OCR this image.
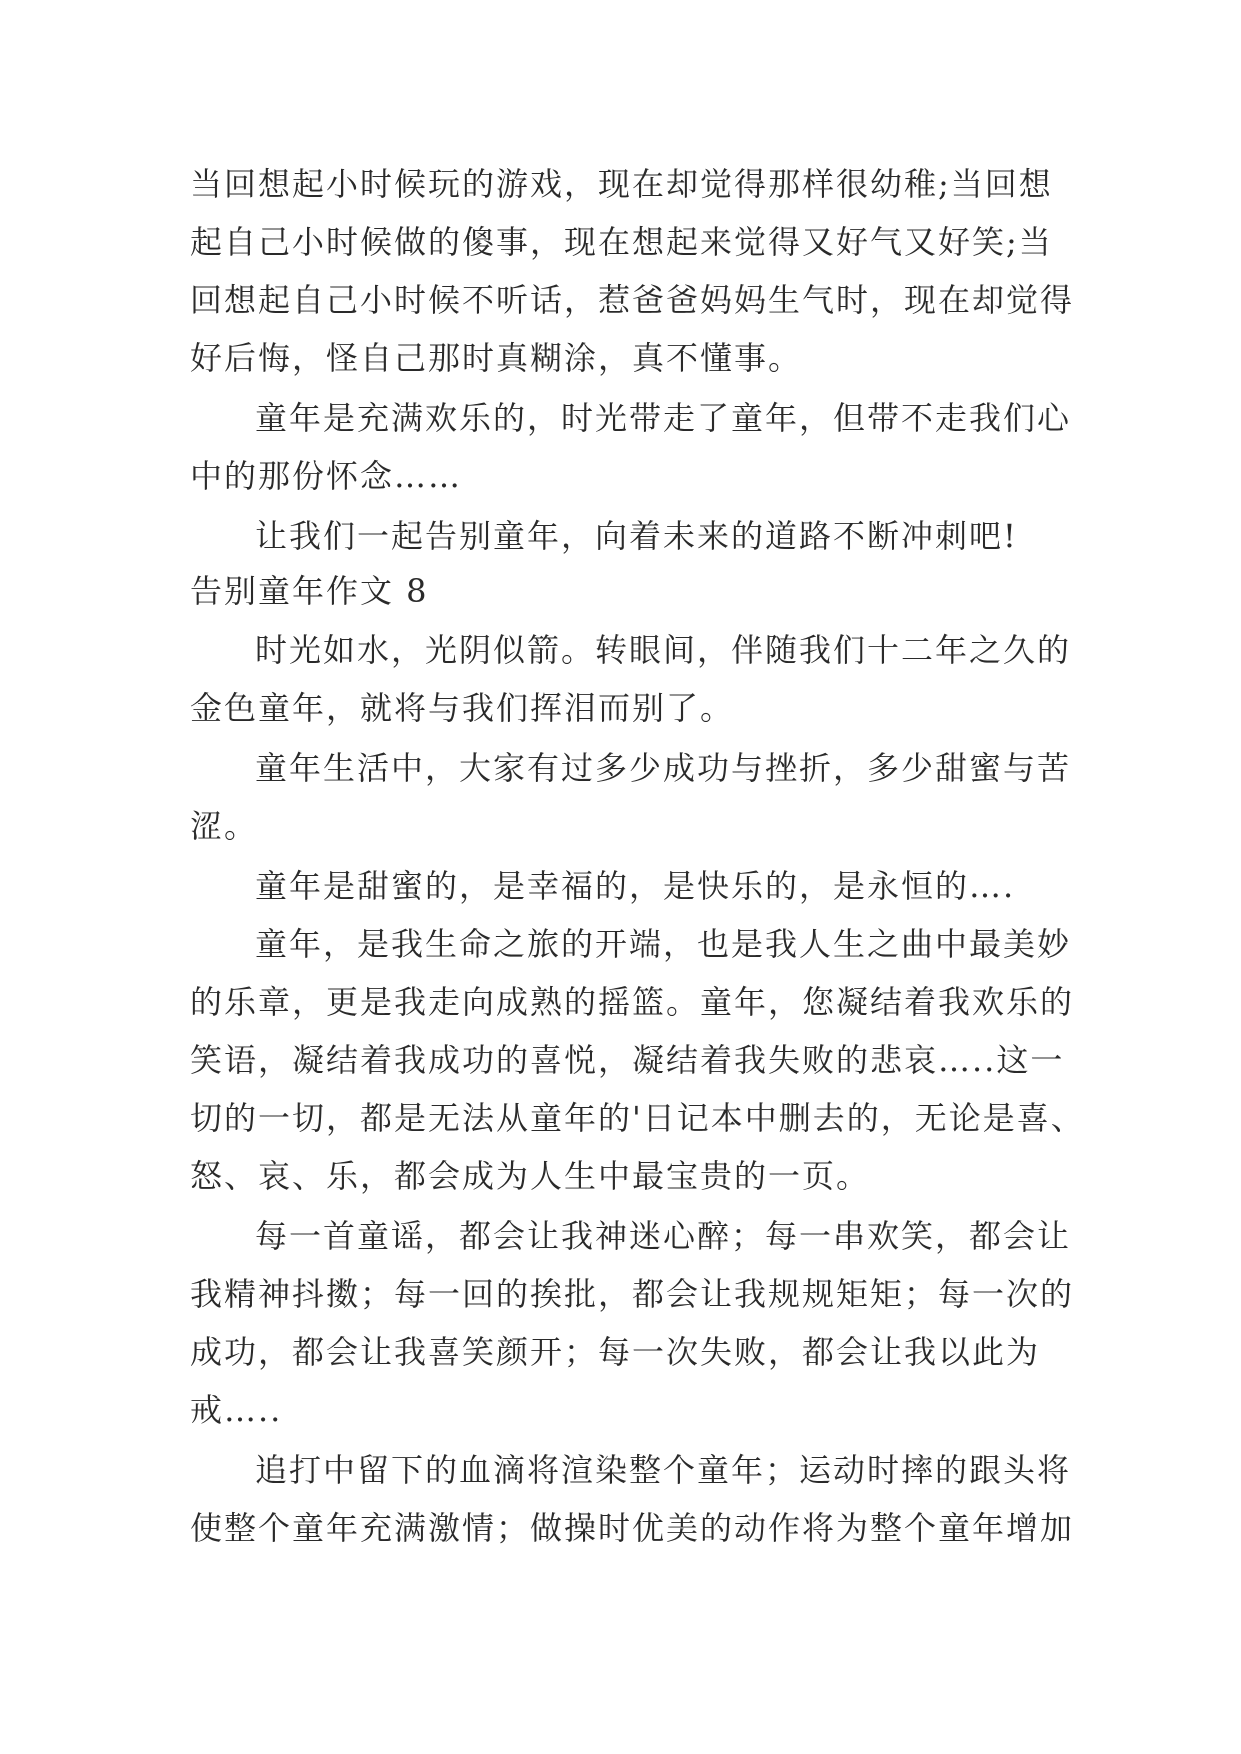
当回想起小时候玩的游戏，现在却觉得那样很幼稚;当回想
起自己小时候做的傻事，现在想起来觉得又好气又好笑;当
回想起自己小时候不听话，惹爸爸妈妈生气时，现在却觉得
好后悔，怪自己那时真糊涂，真不懂事。
童年是充满欢乐的，时光带走了童年，但带不走我们心
中的那份怀念……
让我们一起告别童年，向着未来的道路不断冲刺吧!
告别童年作文 8
时光如水，光阴似箭。转眼间，伴随我们十二年之久的
金色童年，就将与我们挥泪而别了。
童年生活中，大家有过多少成功与挫折，多少甜蜜与苦
涩。
童年是甜蜜的，是幸福的，是快乐的，是永恒的….
童年，是我生命之旅的开端，也是我人生之曲中最美妙
的乐章，更是我走向成熟的摇篮。童年，您凝结着我欢乐的
笑语，凝结着我成功的喜悦，凝结着我失败的悲哀…..这一
切的一切，都是无法从童年的'日记本中删去的，无论是喜、
怒、哀、乐，都会成为人生中最宝贵的一页。
每一首童谣，都会让我神迷心醉；每一串欢笑，都会让
我精神抖擞；每一回的挨批，都会让我规规矩矩；每一次的
成功，都会让我喜笑颜开；每一次失败，都会让我以此为
戒…..
追打中留下的血滴将渲染整个童年；运动时摔的跟头将
使整个童年充满激情；做操时优美的动作将为整个童年增加
